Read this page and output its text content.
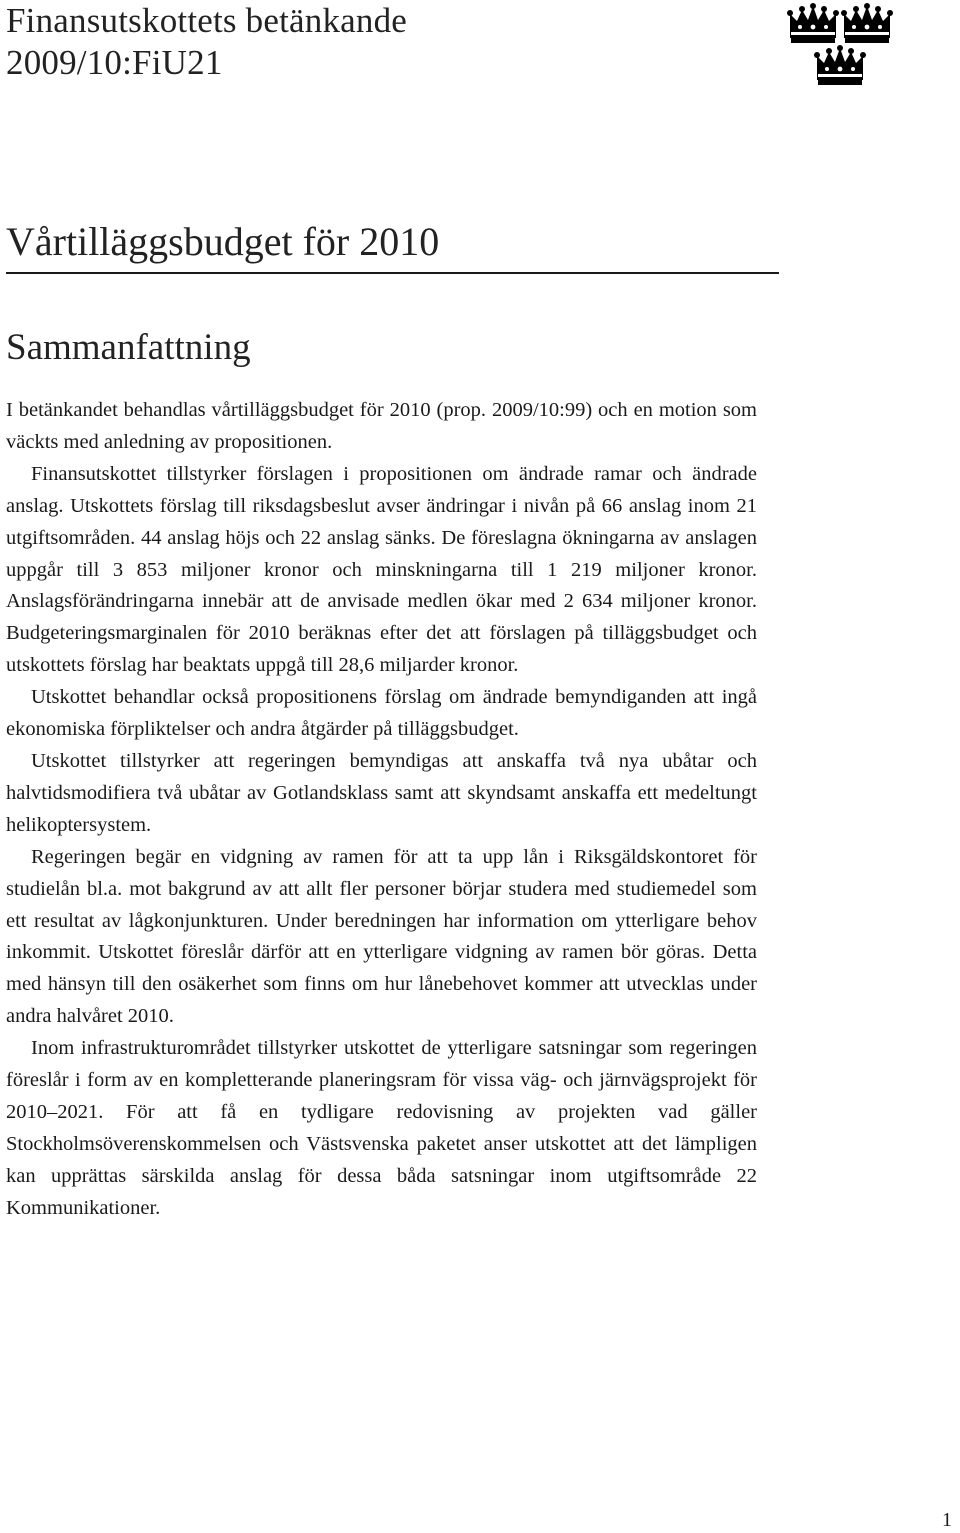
Finansutskottets betänkande
2009/10:FiU21
Vårtilläggsbudget för 2010
Sammanfattning

I betänkandet behandlas vårtilläggsbudget för 2010 (prop. 2009/10:99) och en motion som väckts med anledning av propositionen.

Finansutskottet tillstyrker förslagen i propositionen om ändrade ramar och ändrade anslag. Utskottets förslag till riksdagsbeslut avser ändringar i nivån på 66 anslag inom 21 utgiftsområden. 44 anslag höjs och 22 anslag sänks. De föreslagna ökningarna av anslagen uppgår till 3 853 miljoner kronor och minskningarna till 1 219 miljoner kronor. Anslagsförändringarna innebär att de anvisade medlen ökar med 2 634 miljoner kronor. Budgeteringsmarginalen för 2010 beräknas efter det att förslagen på tilläggsbudget och utskottets förslag har beaktats uppgå till 28,6 miljarder kronor.

Utskottet behandlar också propositionens förslag om ändrade bemyndiganden att ingå ekonomiska förpliktelser och andra åtgärder på tilläggsbudget.

Utskottet tillstyrker att regeringen bemyndigas att anskaffa två nya ubåtar och halvtidsmodifiera två ubåtar av Gotlandsklass samt att skyndsamt anskaffa ett medeltungt helikoptersystem.

Regeringen begär en vidgning av ramen för att ta upp lån i Riksgäldskontoret för studielån bl.a. mot bakgrund av att allt fler personer börjar studera med studiemedel som ett resultat av lågkonjunkturen. Under beredningen har information om ytterligare behov inkommit. Utskottet föreslår därför att en ytterligare vidgning av ramen bör göras. Detta med hänsyn till den osäkerhet som finns om hur lånebehovet kommer att utvecklas under andra halvåret 2010.

Inom infrastrukturområdet tillstyrker utskottet de ytterligare satsningar som regeringen föreslår i form av en kompletterande planeringsram för vissa väg- och järnvägsprojekt för 2010–2021. För att få en tydligare redovisning av projekten vad gäller Stockholmsöverenskommelsen och Västsvenska paketet anser utskottet att det lämpligen kan upprättas särskilda anslag för dessa båda satsningar inom utgiftsområde 22 Kommunikationer.

1
